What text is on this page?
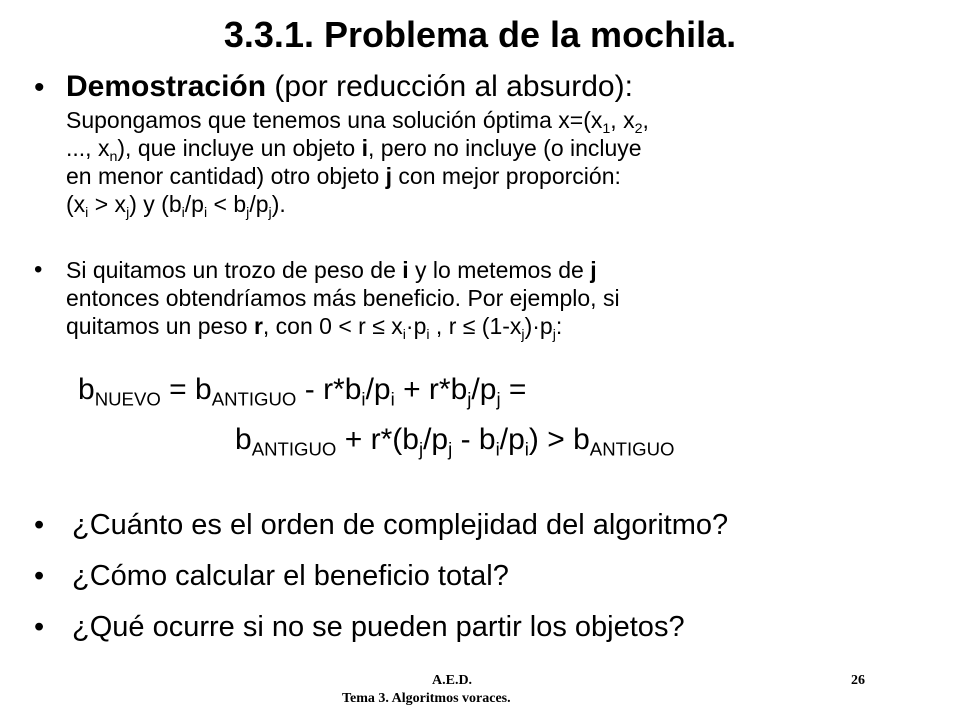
3.3.1. Problema de la mochila.
• Demostración (por reducción al absurdo):
Supongamos que tenemos una solución óptima $x=(x_1$, $x_2$,
..., $x_n$), que incluye un objeto i, pero no incluye (o incluye
en menor cantidad) otro objeto j con mejor proporción:
$(x_i > x_j)$ y $(b_i/p_i < b_j/p_j)$.
• Si quitamos un trozo de peso de i y lo metemos de j
entonces obtendríamos más beneficio. Por ejemplo, si
quitamos un peso r, con $0 < r \le x_i\cdot p_i$ , $r \le (1-x_j)\cdot p_j$:
$b_{NUEVO} = b_{ANTIGUO} - r*b_i/p_i + r*b_j/p_j$ =
$b_{ANTIGUO} + r*(b_j/p_j - b_i/p_i) > b_{ANTIGUO}$
• ¿Cuánto es el orden de complejidad del algoritmo?
• ¿Cómo calcular el beneficio total?
• ¿Qué ocurre si no se pueden partir los objetos?
A.E.D.	26
Tema 3. Algoritmos voraces.
